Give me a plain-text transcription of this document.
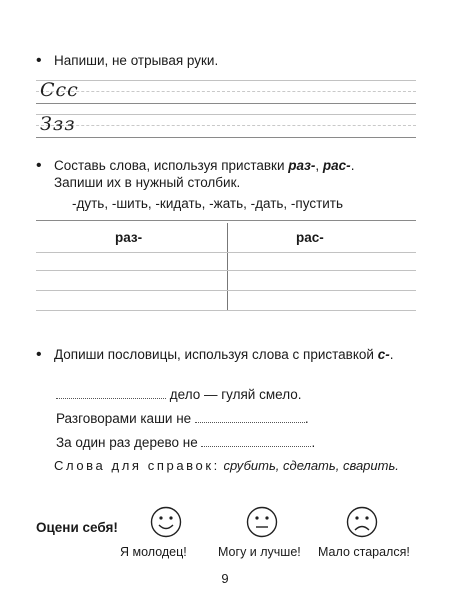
• Напиши, не отрывая руки.
Ссс
Ззз
• Составь слова, используя приставки раз-, рас-.
Запиши их в нужный столбик.
-дуть, -шить, -кидать, -жать, -дать, -пустить
раз-	рас-
• Допиши пословицы, используя слова с приставкой с-.
дело — гуляй смело.
Разговорами каши не	.
За один раз дерево не	.
Слова для справок: срубить, сделать, сварить.
Оцени себя!
Я молодец! Могу и лучше! Мало старался!
9
